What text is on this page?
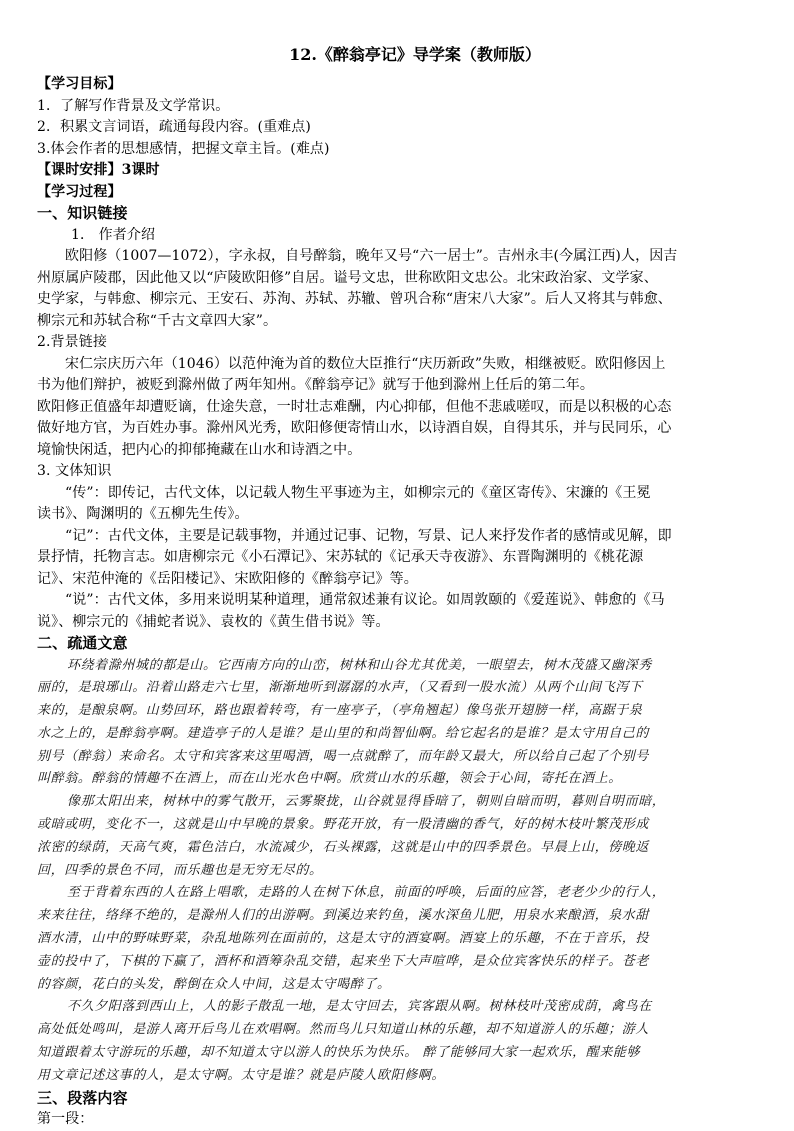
12.《醉翁亭记》导学案（教师版）
【学习目标】
1．了解写作背景及文学常识。
2．积累文言词语，疏通每段内容。(重难点)
3.体会作者的思想感情，把握文章主旨。(难点)
【课时安排】3课时
【学习过程】
一、知识链接
1． 作者介绍
欧阳修（1007—1072），字永叔，自号醉翁，晚年又号“六一居士”。吉州永丰(今属江西)人，因吉
州原属庐陵郡，因此他又以“庐陵欧阳修”自居。谥号文忠，世称欧阳文忠公。北宋政治家、文学家、
史学家，与韩愈、柳宗元、王安石、苏洵、苏轼、苏辙、曾巩合称“唐宋八大家”。后人又将其与韩愈、
柳宗元和苏轼合称“千古文章四大家”。
2.背景链接
宋仁宗庆历六年（1046）以范仲淹为首的数位大臣推行“庆历新政”失败，相继被贬。欧阳修因上
书为他们辩护，被贬到滁州做了两年知州。《醉翁亭记》就写于他到滁州上任后的第二年。
欧阳修正值盛年却遭贬谪，仕途失意，一时壮志难酬，内心抑郁，但他不悲戚嗟叹，而是以积极的心态
做好地方官，为百姓办事。滁州风光秀，欧阳修便寄情山水，以诗酒自娱，自得其乐，并与民同乐，心
境愉快闲适，把内心的抑郁掩藏在山水和诗酒之中。
3. 文体知识
“传”：即传记，古代文体，以记载人物生平事迹为主，如柳宗元的《童区寄传》、宋濂的《王冕
读书》、陶渊明的《五柳先生传》。
“记”：古代文体，主要是记载事物，并通过记事、记物，写景、记人来抒发作者的感情或见解，即
景抒情，托物言志。如唐柳宗元《小石潭记》、宋苏轼的《记承天寺夜游》、东晋陶渊明的《桃花源
记》、宋范仲淹的《岳阳楼记》、宋欧阳修的《醉翁亭记》等。
“说”：古代文体，多用来说明某种道理，通常叙述兼有议论。如周敦颐的《爱莲说》、韩愈的《马
说》、柳宗元的《捕蛇者说》、袁枚的《黄生借书说》等。
二、疏通文意
环绕着滁州城的都是山。它西南方向的山峦，树林和山谷尤其优美，一眼望去，树木茂盛又幽深秀
丽的，是琅琊山。沿着山路走六七里，渐渐地听到潺潺的水声，（又看到一股水流）从两个山间飞泻下
来的，是酿泉啊。山势回环，路也跟着转弯，有一座亭子，（亭角翘起）像鸟张开翅膀一样，高踞于泉
水之上的，是醉翁亭啊。建造亭子的人是谁？是山里的和尚智仙啊。给它起名的是谁？是太守用自己的
别号（醉翁）来命名。太守和宾客来这里喝酒，喝一点就醉了，而年龄又最大，所以给自己起了个别号
叫醉翁。醉翁的情趣不在酒上，而在山光水色中啊。欣赏山水的乐趣，领会于心间，寄托在酒上。
像那太阳出来，树林中的雾气散开，云雾聚拢，山谷就显得昏暗了，朝则自暗而明，暮则自明而暗，
或暗或明，变化不一，这就是山中早晚的景象。野花开放，有一股清幽的香气，好的树木枝叶繁茂形成
浓密的绿荫，天高气爽，霜色洁白，水流减少，石头裸露，这就是山中的四季景色。早晨上山，傍晚返
回，四季的景色不同，而乐趣也是无穷无尽的。
至于背着东西的人在路上唱歌，走路的人在树下休息，前面的呼唤，后面的应答，老老少少的行人，
来来往往，络绎不绝的，是滁州人们的出游啊。到溪边来钓鱼，溪水深鱼儿肥，用泉水来酿酒，泉水甜
酒水清，山中的野味野菜，杂乱地陈列在面前的，这是太守的酒宴啊。酒宴上的乐趣，不在于音乐，投
壶的投中了，下棋的下赢了，酒杯和酒筹杂乱交错，起来坐下大声喧哗，是众位宾客快乐的样子。苍老
的容颜，花白的头发，醉倒在众人中间，这是太守喝醉了。
不久夕阳落到西山上，人的影子散乱一地，是太守回去，宾客跟从啊。树林枝叶茂密成荫，禽鸟在
高处低处鸣叫，是游人离开后鸟儿在欢唱啊。然而鸟儿只知道山林的乐趣，却不知道游人的乐趣；游人
知道跟着太守游玩的乐趣，却不知道太守以游人的快乐为快乐。 醉了能够同大家一起欢乐，醒来能够
用文章记述这事的人，是太守啊。太守是谁？就是庐陵人欧阳修啊。
三、段落内容
第一段：
